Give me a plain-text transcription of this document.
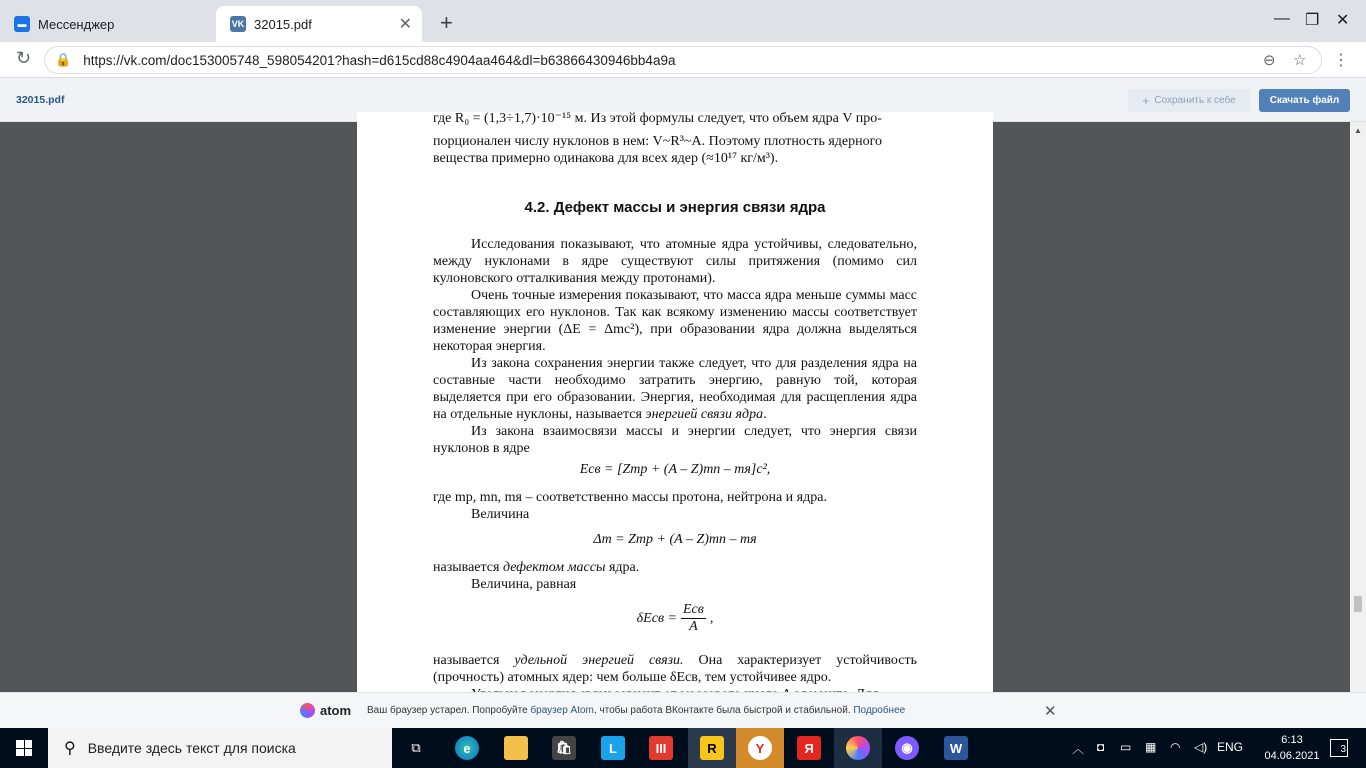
▬ Мессенджер	VK 32015.pdf	✕ +	— ❐ ✕
↻ 🔒 https://vk.com/doc153005748_598054201?hash=d615cd88c4904aa464&dl=b63866430946bb4a9a	⊖ ☆ ⋮
32015.pdf	+ Сохранить к себе	Скачать файл
где R₀ = (1,3÷1,7)·10⁻¹⁵ м. Из этой формулы следует, что объем ядра V про-
порционален числу нуклонов в нем: V~R³~A. Поэтому плотность ядерного
вещества примерно одинакова для всех ядер (≈10¹⁷ кг/м³).
4.2. Дефект массы и энергия связи ядра
Исследования показывают, что атомные ядра устойчивы, следовательно, между нуклонами в ядре существуют силы притяжения (помимо сил кулоновского отталкивания между протонами).
Очень точные измерения показывают, что масса ядра меньше суммы масс составляющих его нуклонов. Так как всякому изменению массы соответствует изменение энергии (ΔE = Δmc²), при образовании ядра должна выделяться некоторая энергия.
Из закона сохранения энергии также следует, что для разделения ядра на составные части необходимо затратить энергию, равную той, которая выделяется при его образовании. Энергия, необходимая для расщепления ядра на отдельные нуклоны, называется энергией связи ядра.
Из закона взаимосвязи массы и энергии следует, что энергия связи нуклонов в ядре
Eсв = [Zmp + (A – Z)mn – mя]c²,
где mp, mn, mя – соответственно массы протона, нейтрона и ядра.
Величина
Δm = Zmp + (A – Z)mn – mя
называется дефектом массы ядра.
Величина, равная
δEсв =
Eсв
A
,
называется удельной энергией связи. Она характеризует устойчивость (прочность) атомных ядер: чем больше δEсв, тем устойчивее ядро.
▲
atom Ваш браузер устарел. Попробуйте браузер Atom, чтобы работа ВКонтакте была быстрой и стабильной. Подробнее	✕
⚲ Введите здесь текст для поиска	⧉	e	🛍	L	III	R	Y	Я	◉	W	︿ ◘ ▭ ▦ ◠ ◁) ENG	6:13
04.06.2021
3
